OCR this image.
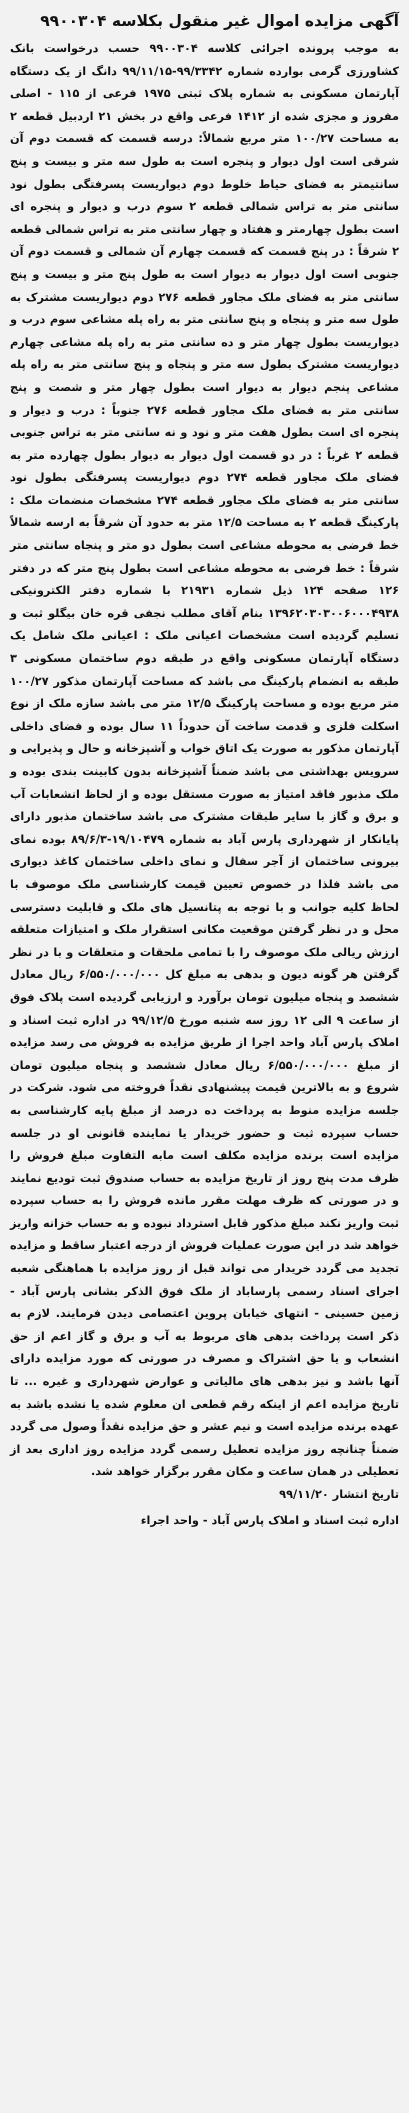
آگهی مزایده اموال غیر منقول بکلاسه ۹۹۰۰۳۰۴

به موجب پرونده اجرائی کلاسه ۹۹۰۰۳۰۴ حسب درخواست بانک کشاورزی گرمی بوارده شماره ۹۹/۳۳۴۲-۹۹/۱۱/۱۵ دانگ از یک دستگاه آپارتمان مسکونی به شماره پلاک ثبتی ۱۹۷۵ فرعی از ۱۱۵ - اصلی مفروز و مجزی شده از ۱۴۱۲ فرعی واقع در بخش ۲۱ اردبیل قطعه ۲ به مساحت ۱۰۰/۲۷ متر مربع شمالاً: درسه قسمت که قسمت دوم آن شرقی است اول دیوار و پنجره است به طول سه متر و بیست و پنج سانتیمتر به فضای حیاط خلوط دوم دیواریست پسرفتگی بطول نود سانتی متر به تراس شمالی قطعه ۲ سوم درب و دیوار و پنجره ای است بطول چهارمتر و هفتاد و چهار سانتی متر به تراس شمالی قطعه ۲ شرقاً : در پنج قسمت که قسمت چهارم آن شمالی و قسمت دوم آن جنوبی است اول دیوار به دیوار است به طول پنج متر و بیست و پنج سانتی متر به فضای ملک مجاور قطعه ۲۷۶ دوم دیواریست مشترک به طول سه متر و پنجاه و پنج سانتی متر به راه پله مشاعی سوم درب و دیواریست بطول چهار متر و ده سانتی متر به راه پله مشاعی چهارم دیواریست مشترک بطول سه متر و پنجاه و پنج سانتی متر به راه پله مشاعی پنجم دیوار به دیوار است بطول چهار متر و شصت و پنج سانتی متر به فضای ملک مجاور قطعه ۲۷۶ جنوباً : درب و دیوار و پنجره ای است بطول هفت متر و نود و نه سانتی متر به تراس جنوبی قطعه ۲ غرباً : در دو قسمت اول دیوار به دیوار بطول چهارده متر به فضای ملک مجاور قطعه ۲۷۴ دوم دیواریست پسرفتگی بطول نود سانتی متر به فضای ملک مجاور قطعه ۲۷۴ مشخصات منضمات ملک : پارکینگ قطعه ۲ به مساحت ۱۲/۵ متر به حدود آن شرقاً به ارسه شمالاً خط فرضی به محوطه مشاعی است بطول دو متر و پنجاه سانتی متر شرقاً : خط فرضی به محوطه مشاعی است بطول پنج متر که در دفتر ۱۲۶ صفحه ۱۲۴ ذیل شماره ۲۱۹۳۱ با شماره دفتر الکترونیکی ۱۳۹۶۲۰۳۰۳۰۰۶۰۰۰۴۹۳۸ بنام آقای مطلب نجفی قره خان بیگلو ثبت و تسلیم گردیده است مشخصات اعیانی ملک : اعیانی ملک شامل یک دستگاه آپارتمان مسکونی واقع در طبقه دوم ساختمان مسکونی ۳ طبقه به انضمام پارکینگ می باشد که مساحت آپارتمان مذکور ۱۰۰/۲۷ متر مربع بوده و مساحت پارکینگ ۱۲/۵ متر می باشد سازه ملک از نوع اسکلت فلزی و قدمت ساخت آن حدوداً ۱۱ سال بوده و فضای داخلی آپارتمان مذکور به صورت یک اتاق خواب و آشپزخانه و حال و پذیرایی و سرویس بهداشتی می باشد ضمناً آشپزخانه بدون کابینت بندی بوده و ملک مذبور فاقد امتیاز به صورت مستقل بوده و از لحاظ انشعابات آب و برق و گاز با سایر طبقات مشترک می باشد ساختمان مذبور دارای پایانکار از شهرداری پارس آباد به شماره ۱۹/۱۰۴۷۹-۸۹/۶/۳ بوده نمای بیرونی ساختمان از آجر سفال و نمای داخلی ساختمان کاغذ دیواری می باشد فلذا در خصوص تعیین قیمت کارشناسی ملک موصوف با لحاظ کلیه جوانب و با توجه به پتانسیل های ملک و قابلیت دسترسی محل و در نظر گرفتن موقعیت مکانی استقرار ملک و امتیازات متعلقه ارزش ریالی ملک موصوف را با تمامی ملحقات و متعلقات و با در نظر گرفتن هر گونه دیون و بدهی به مبلغ کل ۶/۵۵۰/۰۰۰/۰۰۰ ریال معادل ششصد و پنجاه میلیون تومان برآورد و ارزیابی گردیده است پلاک فوق از ساعت ۹ الی ۱۲ روز سه شنبه مورخ ۹۹/۱۲/۵ در اداره ثبت اسناد و املاک پارس آباد واحد اجرا از طریق مزایده به فروش می رسد مزایده از مبلغ ۶/۵۵۰/۰۰۰/۰۰۰ ریال معادل ششصد و پنجاه میلیون تومان شروع و به بالاترین قیمت پیشنهادی نقداً فروخته می شود. شرکت در جلسه مزایده منوط به پرداخت ده درصد از مبلغ پایه کارشناسی به حساب سپرده ثبت و حضور خریدار یا نماینده قانونی او در جلسه مزایده است برنده مزایده مکلف است مابه التفاوت مبلغ فروش را ظرف مدت پنج روز از تاریخ مزایده به حساب صندوق ثبت تودیع نمایند و در صورتی که ظرف مهلت مقرر مانده فروش را به حساب سپرده ثبت واریز نکند مبلغ مذکور قابل استرداد نبوده و به حساب خزانه واریز خواهد شد در این صورت عملیات فروش از درجه اعتبار ساقط و مزایده تجدید می گردد خریدار می تواند قبل از روز مزایده با هماهنگی شعبه اجرای اسناد رسمی پارساباد از ملک فوق الذکر بشانی پارس آباد - زمین حسینی - انتهای خیابان پروین اعتصامی دیدن فرمایند. لازم به ذکر است پرداخت بدهی های مربوط به آب و برق و گاز اعم از حق انشعاب و یا حق اشتراک و مصرف در صورتی که مورد مزایده دارای آنها باشد و نیز بدهی های مالیاتی و عوارض شهرداری و غیره ... تا تاریخ مزایده اعم از اینکه رقم قطعی ان معلوم شده یا نشده باشد به عهده برنده مزایده است و نیم عشر و حق مزایده نقداً وصول می گردد ضمناً چنانچه روز مزایده تعطیل رسمی گردد مزایده روز اداری بعد از تعطیلی در همان ساعت و مکان مقرر برگزار خواهد شد.

تاریخ انتشار ۹۹/۱۱/۲۰
اداره ثبت اسناد و املاک پارس آباد - واحد اجراء
